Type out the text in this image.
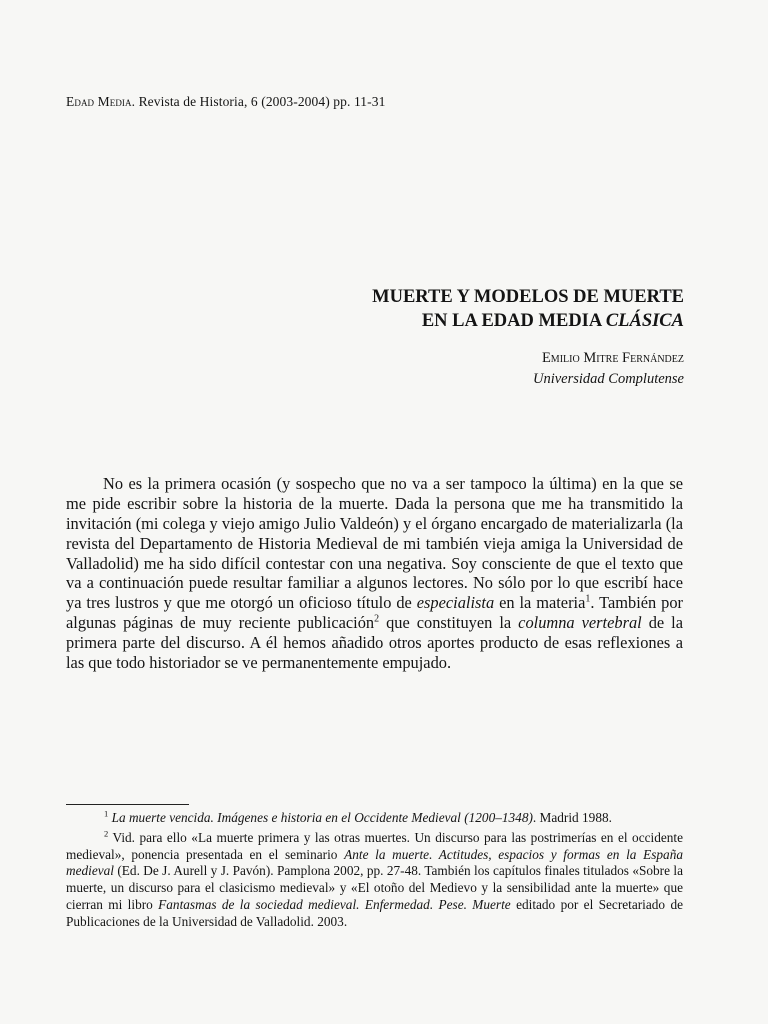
Edad Media. Revista de Historia, 6 (2003-2004) pp. 11-31
MUERTE Y MODELOS DE MUERTE
EN LA EDAD MEDIA CLÁSICA
Emilio Mitre Fernández
Universidad Complutense

No es la primera ocasión (y sospecho que no va a ser tampoco la última) en la que se me pide escribir sobre la historia de la muerte. Dada la persona que me ha transmitido la invitación (mi colega y viejo amigo Julio Valdeón) y el órgano encargado de materializarla (la revista del Departamento de Historia Medieval de mi también vieja amiga la Universidad de Valladolid) me ha sido difícil contestar con una negativa. Soy consciente de que el texto que va a continuación puede resultar familiar a algunos lectores. No sólo por lo que escribí hace ya tres lustros y que me otorgó un oficioso título de especialista en la materia$^1$. También por algunas páginas de muy reciente publicación$^2$ que constituyen la columna vertebral de la primera parte del discurso. A él hemos añadido otros aportes producto de esas reflexiones a las que todo historiador se ve permanentemente empujado.

$^1$ La muerte vencida. Imágenes e historia en el Occidente Medieval (1200–1348). Madrid 1988.

$^2$ Vid. para ello «La muerte primera y las otras muertes. Un discurso para las postrimerías en el occidente medieval», ponencia presentada en el seminario Ante la muerte. Actitudes, espacios y formas en la España medieval (Ed. De J. Aurell y J. Pavón). Pamplona 2002, pp. 27-48. También los capítulos finales titulados «Sobre la muerte, un discurso para el clasicismo medieval» y «El otoño del Medievo y la sensibilidad ante la muerte» que cierran mi libro Fantasmas de la sociedad medieval. Enfermedad. Pese. Muerte editado por el Secretariado de Publicaciones de la Universidad de Valladolid. 2003.
